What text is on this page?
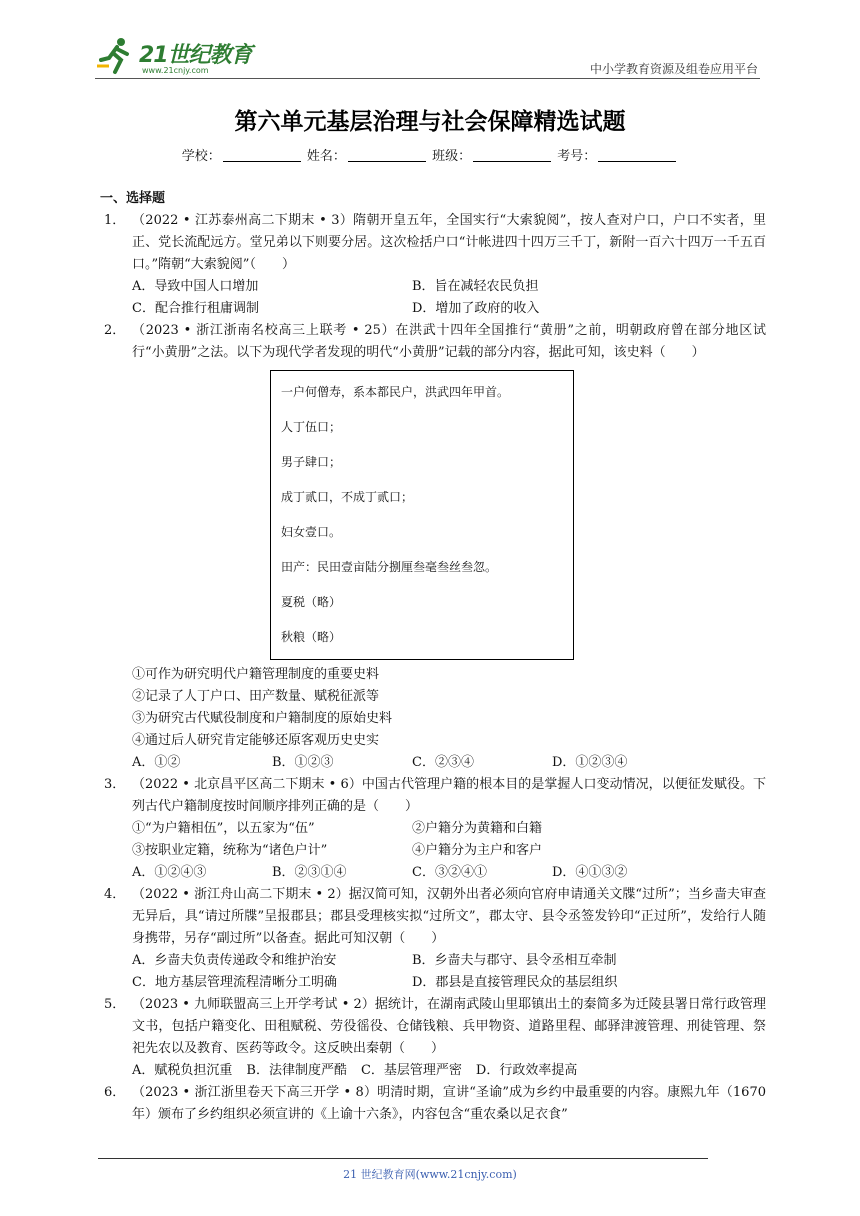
21世纪教育
www.21cnjy.com	中小学教育资源及组卷应用平台
第六单元基层治理与社会保障精选试题
学校：	姓名：	班级：	考号：
一、选择题
1． （2022 • 江苏泰州高二下期末 • 3）隋朝开皇五年，全国实行“大索貌阅”，按人查对户口，户口不实者，里正、党长流配远方。堂兄弟以下则要分居。这次检括户口“计帐进四十四万三千丁，新附一百六十四万一千五百口。”隋朝“大索貌阅”（　　）

A．导致中国人口增加	B．旨在减轻农民负担
C．配合推行租庸调制	D．增加了政府的收入
2． （2023 • 浙江浙南名校高三上联考 • 25）在洪武十四年全国推行“黄册”之前，明朝政府曾在部分地区试行“小黄册”之法。以下为现代学者发现的明代“小黄册”记载的部分内容，据此可知，该史料（　　）

一户何僧寿，系本都民户，洪武四年甲首。
人丁伍口；
男子肆口；
成丁贰口，不成丁贰口；
妇女壹口。
田产：民田壹亩陆分捌厘叁毫叁丝叁忽。
夏税（略）
秋粮（略）
①可作为研究明代户籍管理制度的重要史料
②记录了人丁户口、田产数量、赋税征派等
③为研究古代赋役制度和户籍制度的原始史料
④通过后人研究肯定能够还原客观历史史实
A．①②	B．①②③	C．②③④	D．①②③④
3． （2022 • 北京昌平区高二下期末 • 6）中国古代管理户籍的根本目的是掌握人口变动情况，以便征发赋役。下列古代户籍制度按时间顺序排列正确的是（　　）

①“为户籍相伍”，以五家为“伍”	②户籍分为黄籍和白籍
③按职业定籍，统称为“诸色户计”	④户籍分为主户和客户
A．①②④③	B．②③①④	C．③②④①	D．④①③②
4． （2022 • 浙江舟山高二下期末 • 2）据汉简可知，汉朝外出者必须向官府申请通关文牒“过所”；当乡啬夫审查无异后，具“请过所牒”呈报郡县；郡县受理核实拟“过所文”，郡太守、县令丞签发钤印“正过所”，发给行人随身携带，另存“副过所”以备查。据此可知汉朝（　　）

A．乡啬夫负责传递政令和维护治安	B．乡啬夫与郡守、县令丞相互牵制
C．地方基层管理流程清晰分工明确	D．郡县是直接管理民众的基层组织
5． （2023 • 九师联盟高三上开学考试 • 2）据统计，在湖南武陵山里耶镇出土的秦简多为迁陵县署日常行政管理文书，包括户籍变化、田租赋税、劳役徭役、仓储钱粮、兵甲物资、道路里程、邮驿津渡管理、刑徒管理、祭祀先农以及教育、医药等政令。这反映出秦朝（　　）

A．赋税负担沉重 B．法律制度严酷 C．基层管理严密 D．行政效率提高
6． （2023 • 浙江浙里卷天下高三开学 • 8）明清时期，宣讲“圣谕”成为乡约中最重要的内容。康熙九年（1670 年）颁布了乡约组织必须宣讲的《上谕十六条》，内容包含“重农桑以足衣食”

21 世纪教育网(www.21cnjy.com)
